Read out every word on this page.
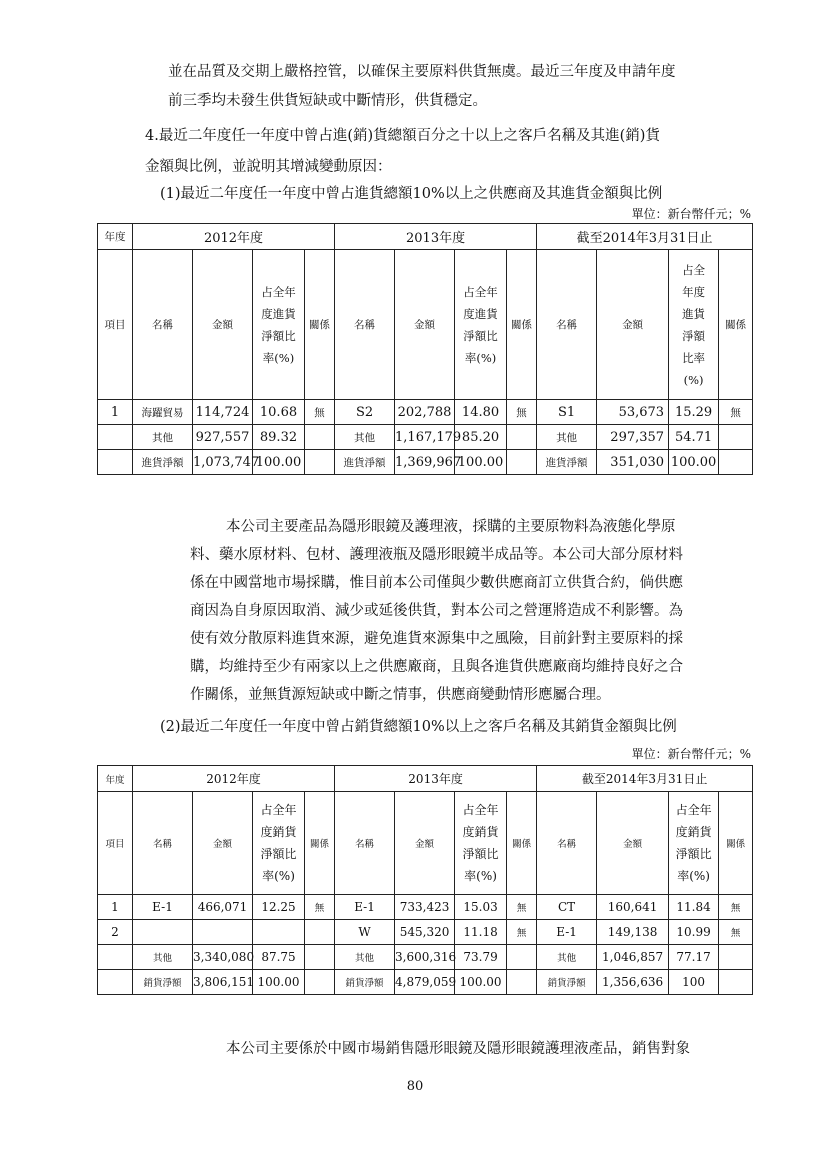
並在品質及交期上嚴格控管，以確保主要原料供貨無虞。最近三年度及申請年度
前三季均未發生供貨短缺或中斷情形，供貨穩定。
4.最近二年度任一年度中曾占進(銷)貨總額百分之十以上之客戶名稱及其進(銷)貨
金額與比例，並說明其增減變動原因：
(1)最近二年度任一年度中曾占進貨總額10%以上之供應商及其進貨金額與比例
單位：新台幣仟元；%
年度	2012年度				2013年度				截至2014年3月31日止			
項目	名稱	金額	占全年度進貨淨額比率(%)	關係	名稱	金額	占全年度進貨淨額比率(%)	關係	名稱	金額	占全年度進貨淨額比率(%)	關係
1	海躍貿易	114,724	10.68	無	S2	202,788	14.80	無	S1	53,673	15.29	無
	其他	927,557	89.32		其他	1,167,179	85.20		其他	297,357	54.71	
	進貨淨額	1,073,747	100.00		進貨淨額	1,369,967	100.00		進貨淨額	351,030	100.00	
本公司主要產品為隱形眼鏡及護理液，採購的主要原物料為液態化學原
料、藥水原材料、包材、護理液瓶及隱形眼鏡半成品等。本公司大部分原材料
係在中國當地市場採購，惟目前本公司僅與少數供應商訂立供貨合約，倘供應
商因為自身原因取消、減少或延後供貨，對本公司之營運將造成不利影響。為
使有效分散原料進貨來源，避免進貨來源集中之風險，目前針對主要原料的採
購，均維持至少有兩家以上之供應廠商，且與各進貨供應廠商均維持良好之合
作關係，並無貨源短缺或中斷之情事，供應商變動情形應屬合理。
(2)最近二年度任一年度中曾占銷貨總額10%以上之客戶名稱及其銷貨金額與比例
單位：新台幣仟元；%
年度	2012年度				2013年度				截至2014年3月31日止			
項目	名稱	金額	占全年度銷貨淨額比率(%)	關係	名稱	金額	占全年度銷貨淨額比率(%)	關係	名稱	金額	占全年度銷貨淨額比率(%)	關係
1	E-1	466,071	12.25	無	E-1	733,423	15.03	無	CT	160,641	11.84	無
2					W	545,320	11.18	無	E-1	149,138	10.99	無
	其他	3,340,080	87.75		其他	3,600,316	73.79		其他	1,046,857	77.17	
	銷貨淨額	3,806,151	100.00		銷貨淨額	4,879,059	100.00		銷貨淨額	1,356,636	100	
本公司主要係於中國市場銷售隱形眼鏡及隱形眼鏡護理液產品，銷售對象
80
